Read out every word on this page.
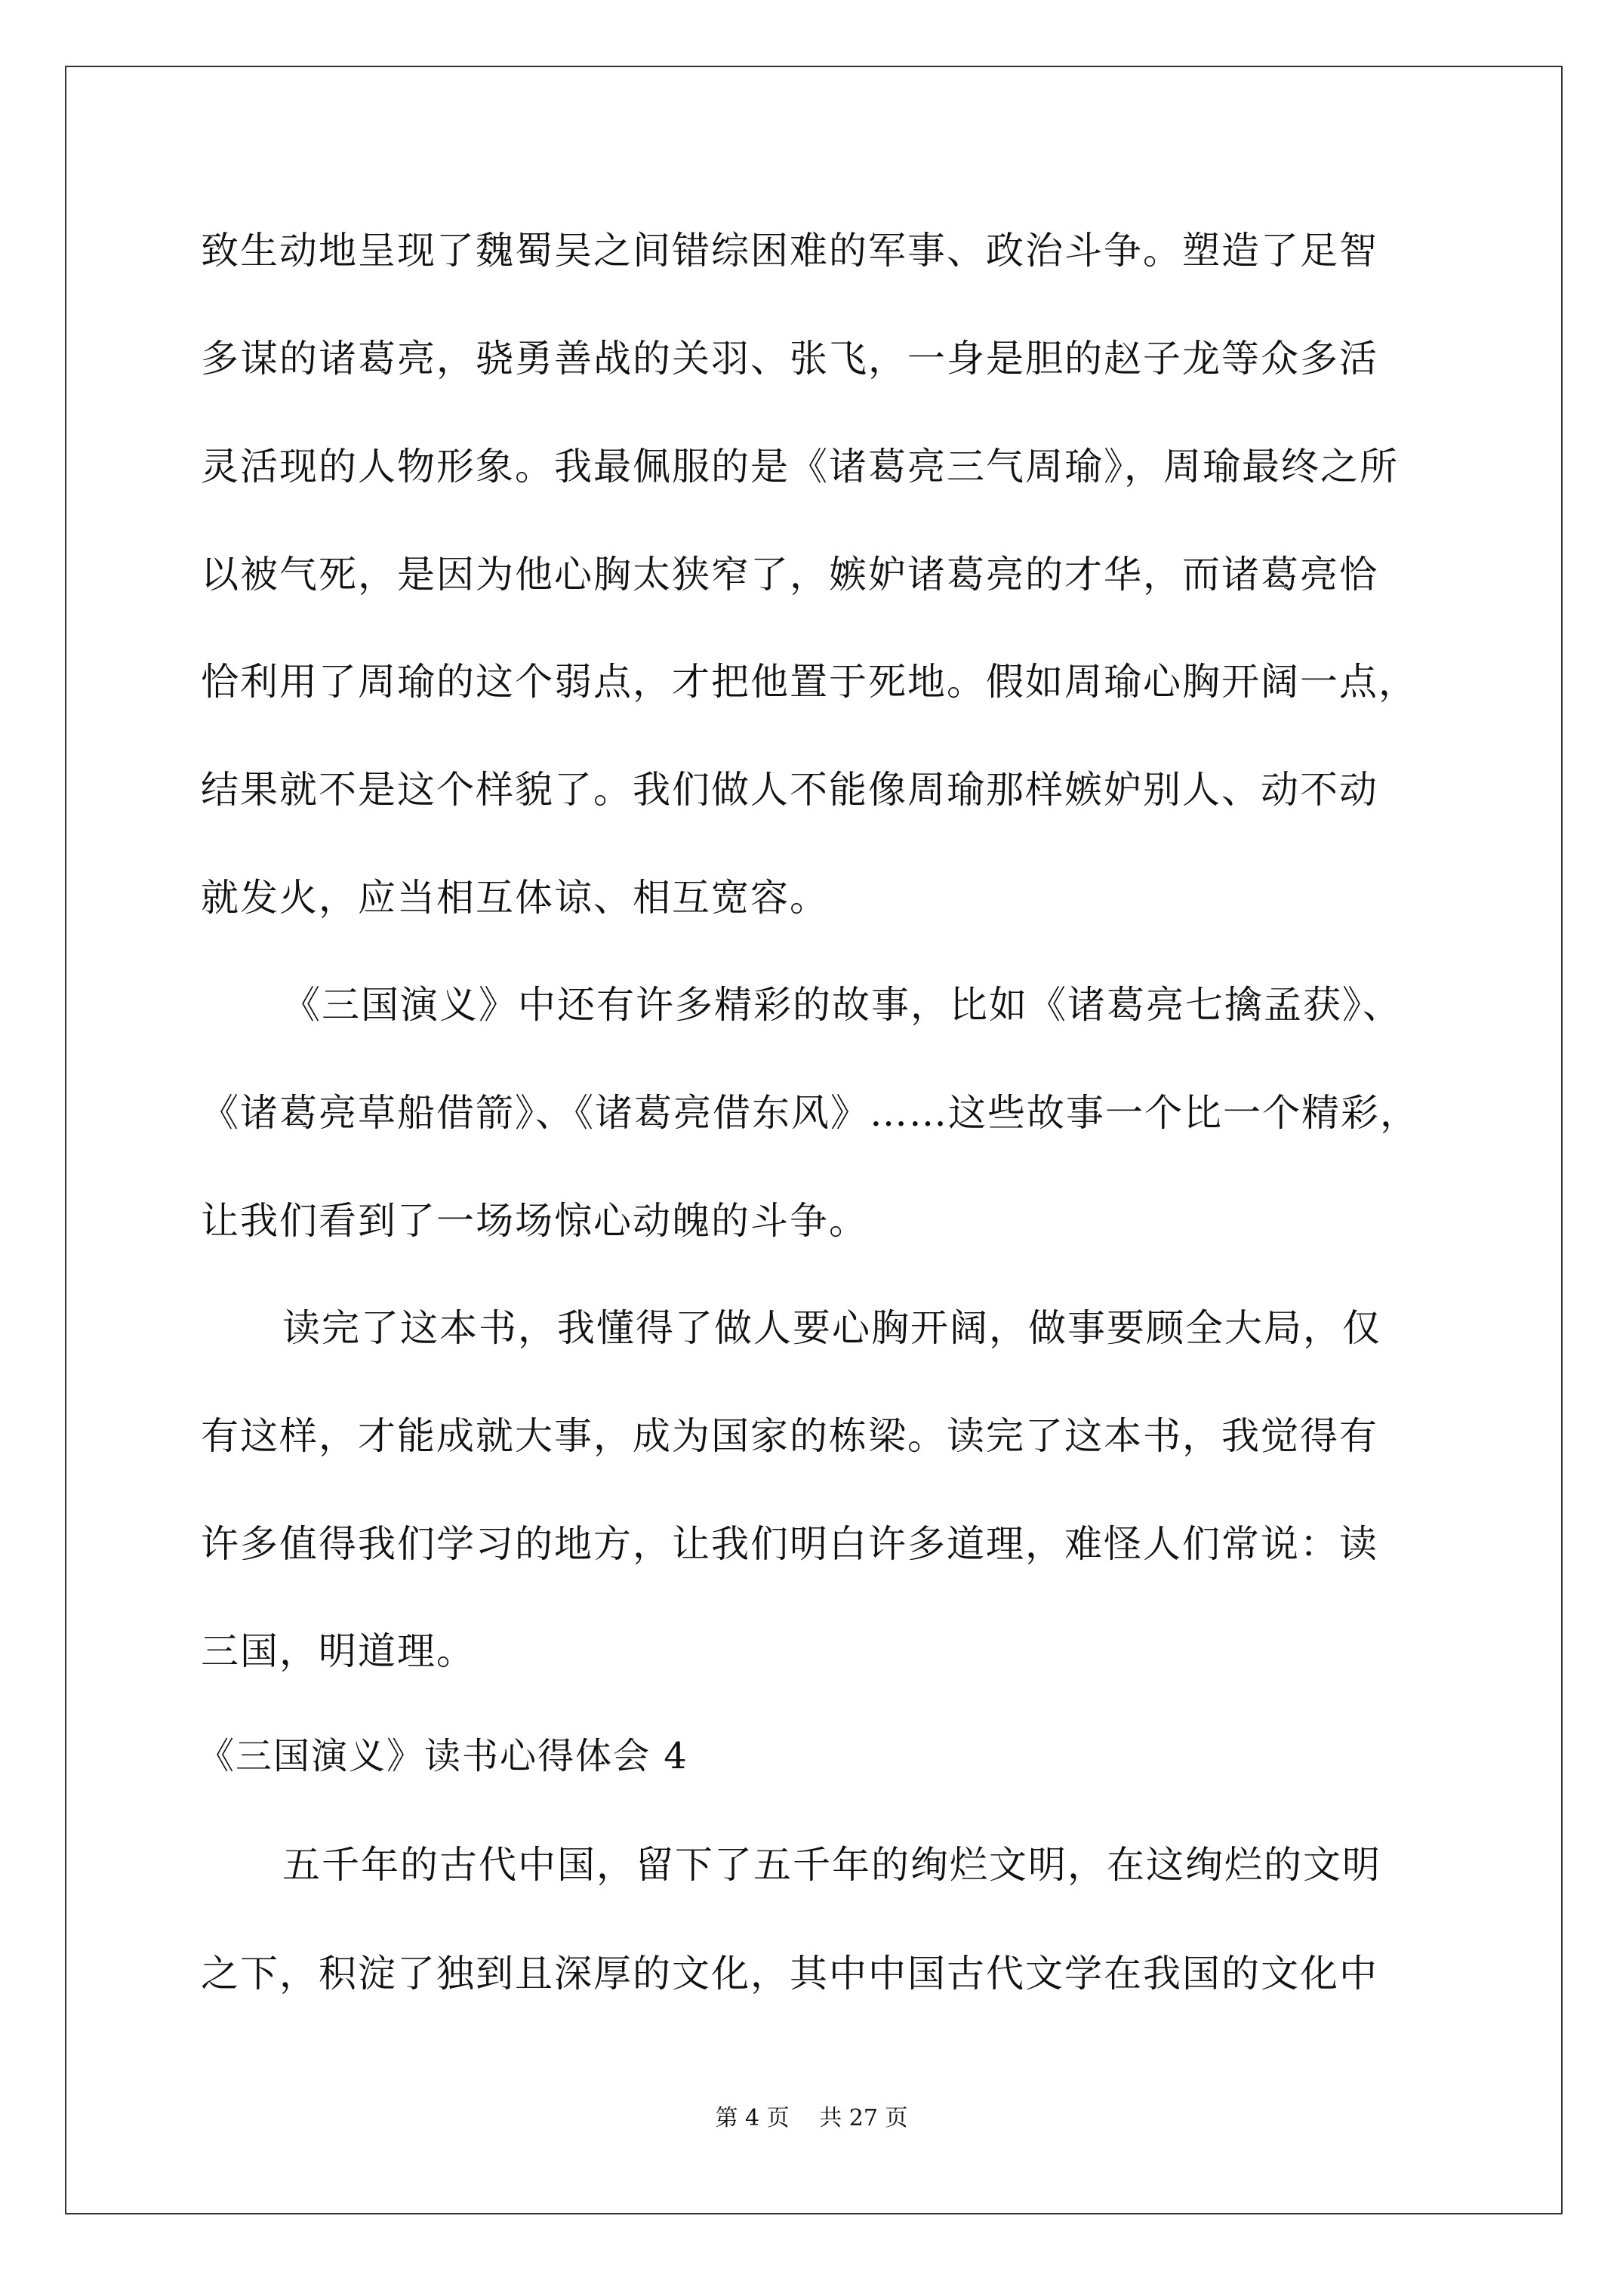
致生动地呈现了魏蜀吴之间错综困难的军事、政治斗争。塑造了足智
多谋的诸葛亮，骁勇善战的关羽、张飞，一身是胆的赵子龙等众多活
灵活现的人物形象。我最佩服的是《诸葛亮三气周瑜》，周瑜最终之所
以被气死，是因为他心胸太狭窄了，嫉妒诸葛亮的才华，而诸葛亮恰
恰利用了周瑜的这个弱点，才把他置于死地。假如周瑜心胸开阔一点，
结果就不是这个样貌了。我们做人不能像周瑜那样嫉妒别人、动不动
就发火，应当相互体谅、相互宽容。
《三国演义》中还有许多精彩的故事，比如《诸葛亮七擒孟获》、
《诸葛亮草船借箭》、《诸葛亮借东风》……这些故事一个比一个精彩，
让我们看到了一场场惊心动魄的斗争。
读完了这本书，我懂得了做人要心胸开阔，做事要顾全大局，仅
有这样，才能成就大事，成为国家的栋梁。读完了这本书，我觉得有
许多值得我们学习的地方，让我们明白许多道理，难怪人们常说：读
三国，明道理。
《三国演义》读书心得体会 4
五千年的古代中国，留下了五千年的绚烂文明，在这绚烂的文明
之下，积淀了独到且深厚的文化，其中中国古代文学在我国的文化中
第 4 页　 共 27 页
